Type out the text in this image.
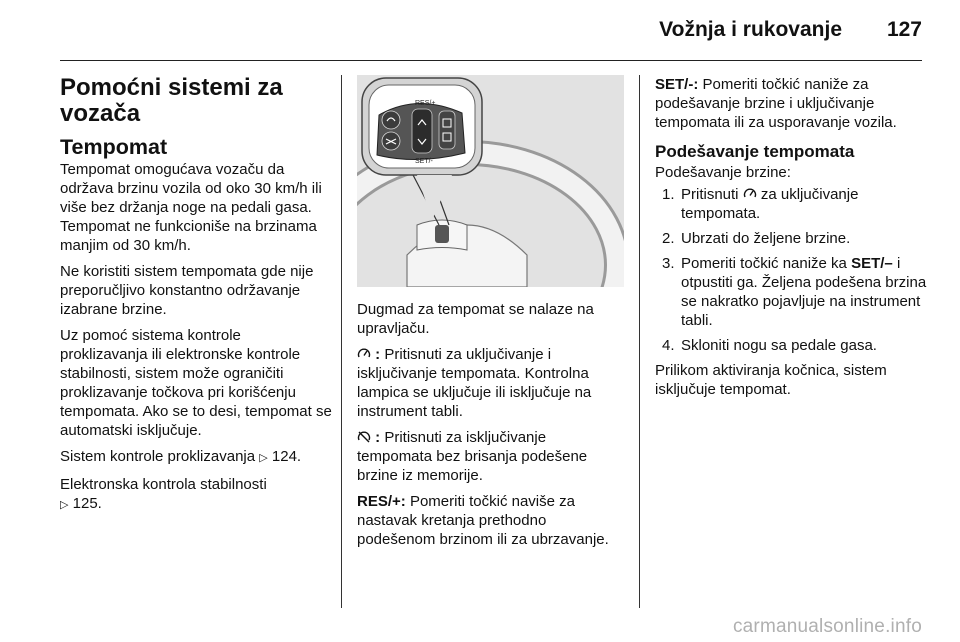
Vožnja i rukovanje 127
Pomoćni sistemi za vozača
Tempomat

Tempomat omogućava vozaču da održava brzinu vozila od oko 30 km/h ili više bez držanja noge na pedali gasa. Tempomat ne funkcioniše na brzinama manjim od 30 km/h.

Ne koristiti sistem tempomata gde nije preporučljivo konstantno održavanje izabrane brzine.

Uz pomoć sistema kontrole proklizavanja ili elektronske kontrole stabilnosti, sistem može ograničiti proklizavanje točkova pri korišćenju tempomata. Ako se to desi, tempomat se automatski isključuje.

Sistem kontrole proklizavanja ▷ 124.

Elektronska kontrola stabilnosti
▷ 125.

RES/+
SET/-

Dugmad za tempomat se nalaze na upravljaču.

: Pritisnuti za uključivanje i isključivanje tempomata. Kontrolna lampica se uključuje ili isključuje na instrument tabli.

: Pritisnuti za isključivanje tempomata bez brisanja podešene brzine iz memorije.

RES/+: Pomeriti točkić naviše za nastavak kretanja prethodno podešenom brzinom ili za ubrzavanje.

SET/-: Pomeriti točkić naniže za podešavanje brzine i uključivanje tempomata ili za usporavanje vozila.

Podešavanje tempomata

Podešavanje brzine:

1. Pritisnuti za uključivanje tempomata.
2. Ubrzati do željene brzine.
3. Pomeriti točkić naniže ka SET/– i otpustiti ga. Željena podešena brzina se nakratko pojavljuje na instrument tabli.
4. Skloniti nogu sa pedale gasa.

Prilikom aktiviranja kočnica, sistem isključuje tempomat.

carmanualsonline.info
